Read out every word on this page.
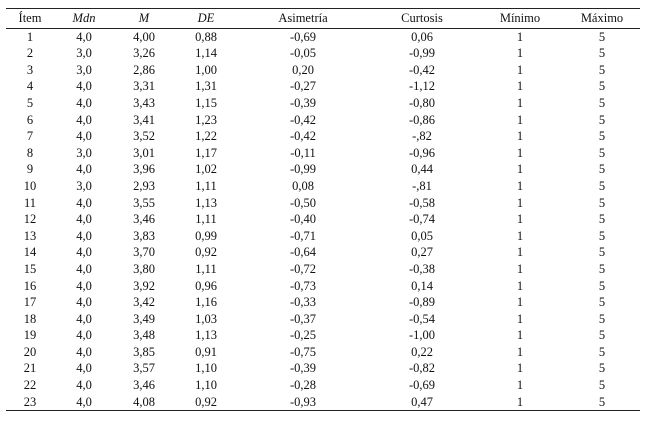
Ítem	Mdn	M	DE	Asimetría	Curtosis	Mínimo	Máximo
1	4,0	4,00	0,88	-0,69	0,06	1	5
2	3,0	3,26	1,14	-0,05	-0,99	1	5
3	3,0	2,86	1,00	0,20	-0,42	1	5
4	4,0	3,31	1,31	-0,27	-1,12	1	5
5	4,0	3,43	1,15	-0,39	-0,80	1	5
6	4,0	3,41	1,23	-0,42	-0,86	1	5
7	4,0	3,52	1,22	-0,42	-,82	1	5
8	3,0	3,01	1,17	-0,11	-0,96	1	5
9	4,0	3,96	1,02	-0,99	0,44	1	5
10	3,0	2,93	1,11	0,08	-,81	1	5
11	4,0	3,55	1,13	-0,50	-0,58	1	5
12	4,0	3,46	1,11	-0,40	-0,74	1	5
13	4,0	3,83	0,99	-0,71	0,05	1	5
14	4,0	3,70	0,92	-0,64	0,27	1	5
15	4,0	3,80	1,11	-0,72	-0,38	1	5
16	4,0	3,92	0,96	-0,73	0,14	1	5
17	4,0	3,42	1,16	-0,33	-0,89	1	5
18	4,0	3,49	1,03	-0,37	-0,54	1	5
19	4,0	3,48	1,13	-0,25	-1,00	1	5
20	4,0	3,85	0,91	-0,75	0,22	1	5
21	4,0	3,57	1,10	-0,39	-0,82	1	5
22	4,0	3,46	1,10	-0,28	-0,69	1	5
23	4,0	4,08	0,92	-0,93	0,47	1	5
